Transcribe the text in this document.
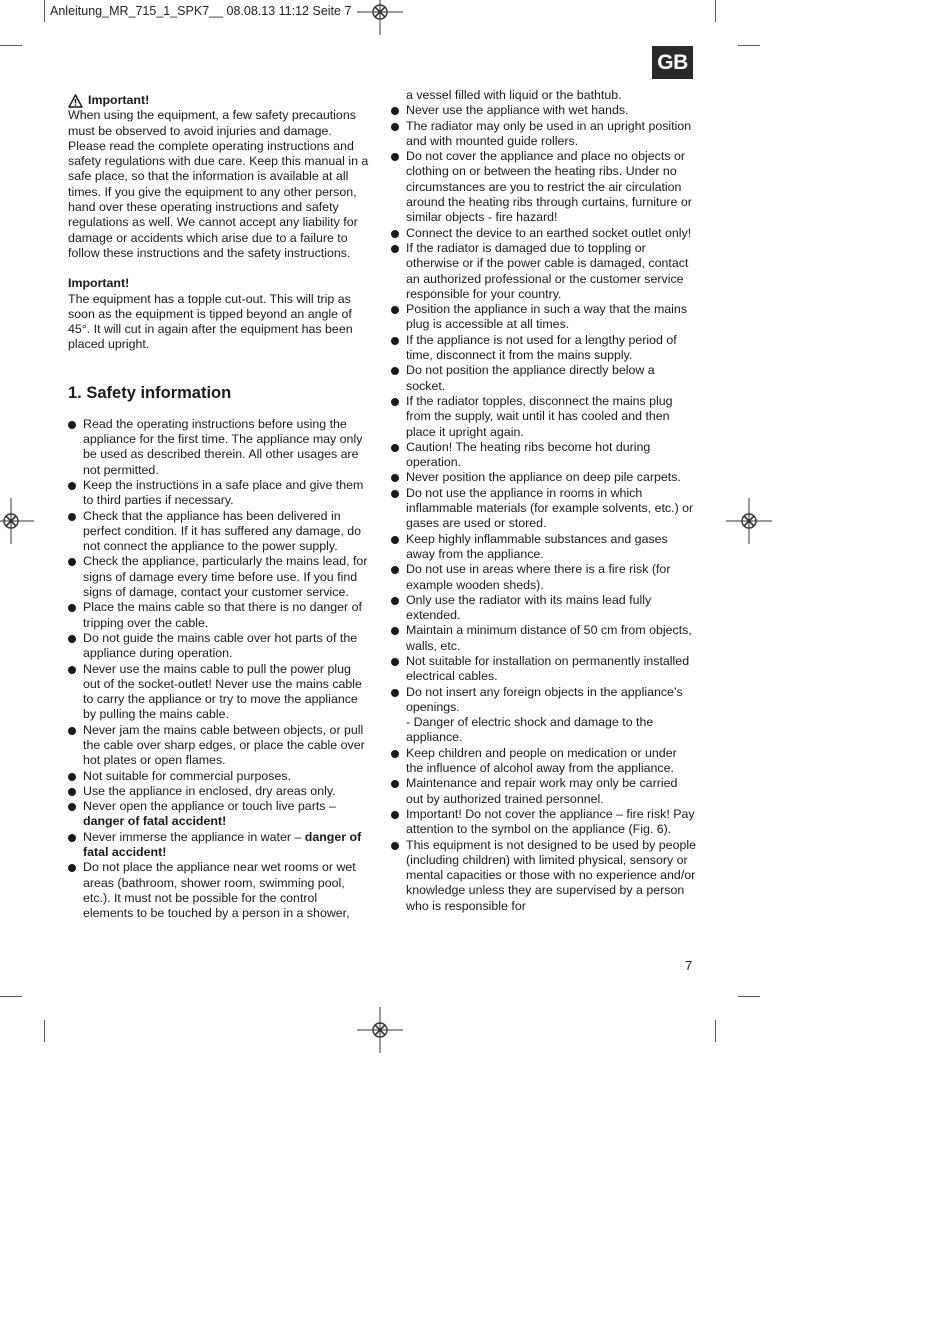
Anleitung_MR_715_1_SPK7__ 08.08.13 11:12 Seite 7
GB

Important!

When using the equipment, a few safety precautions must be observed to avoid injuries and damage. Please read the complete operating instructions and safety regulations with due care. Keep this manual in a safe place, so that the information is available at all times. If you give the equipment to any other person, hand over these operating instructions and safety regulations as well. We cannot accept any liability for damage or accidents which arise due to a failure to follow these instructions and the safety instructions.

Important!

The equipment has a topple cut-out. This will trip as soon as the equipment is tipped beyond an angle of 45°. It will cut in again after the equipment has been placed upright.

1. Safety information
Read the operating instructions before using the appliance for the first time. The appliance may only be used as described therein. All other usages are not permitted.
Keep the instructions in a safe place and give them to third parties if necessary.
Check that the appliance has been delivered in perfect condition. If it has suffered any damage, do not connect the appliance to the power supply.
Check the appliance, particularly the mains lead, for signs of damage every time before use. If you find signs of damage, contact your customer service.
Place the mains cable so that there is no danger of tripping over the cable.
Do not guide the mains cable over hot parts of the appliance during operation.
Never use the mains cable to pull the power plug out of the socket-outlet! Never use the mains cable to carry the appliance or try to move the appliance by pulling the mains cable.
Never jam the mains cable between objects, or pull the cable over sharp edges, or place the cable over hot plates or open flames.
Not suitable for commercial purposes.
Use the appliance in enclosed, dry areas only.
Never open the appliance or touch live parts –
danger of fatal accident!
Never immerse the appliance in water – danger of fatal accident!
Do not place the appliance near wet rooms or wet areas (bathroom, shower room, swimming pool, etc.). It must not be possible for the control elements to be touched by a person in a shower,

a vessel filled with liquid or the bathtub.

Never use the appliance with wet hands.
The radiator may only be used in an upright position and with mounted guide rollers.
Do not cover the appliance and place no objects or clothing on or between the heating ribs. Under no circumstances are you to restrict the air circulation around the heating ribs through curtains, furniture or similar objects - fire hazard!
Connect the device to an earthed socket outlet only!
If the radiator is damaged due to toppling or otherwise or if the power cable is damaged, contact an authorized professional or the customer service responsible for your country.
Position the appliance in such a way that the mains plug is accessible at all times.
If the appliance is not used for a lengthy period of time, disconnect it from the mains supply.
Do not position the appliance directly below a socket.
If the radiator topples, disconnect the mains plug from the supply, wait until it has cooled and then place it upright again.
Caution! The heating ribs become hot during operation.
Never position the appliance on deep pile carpets.
Do not use the appliance in rooms in which inflammable materials (for example solvents, etc.) or gases are used or stored.
Keep highly inflammable substances and gases away from the appliance.
Do not use in areas where there is a fire risk (for example wooden sheds).
Only use the radiator with its mains lead fully extended.
Maintain a minimum distance of 50 cm from objects, walls, etc.
Not suitable for installation on permanently installed electrical cables.
Do not insert any foreign objects in the appliance’s openings.
- Danger of electric shock and damage to the appliance.
Keep children and people on medication or under the influence of alcohol away from the appliance.
Maintenance and repair work may only be carried out by authorized trained personnel.
Important! Do not cover the appliance – fire risk! Pay attention to the symbol on the appliance (Fig. 6).
This equipment is not designed to be used by people (including children) with limited physical, sensory or mental capacities or those with no experience and/or knowledge unless they are supervised by a person who is responsible for
7
